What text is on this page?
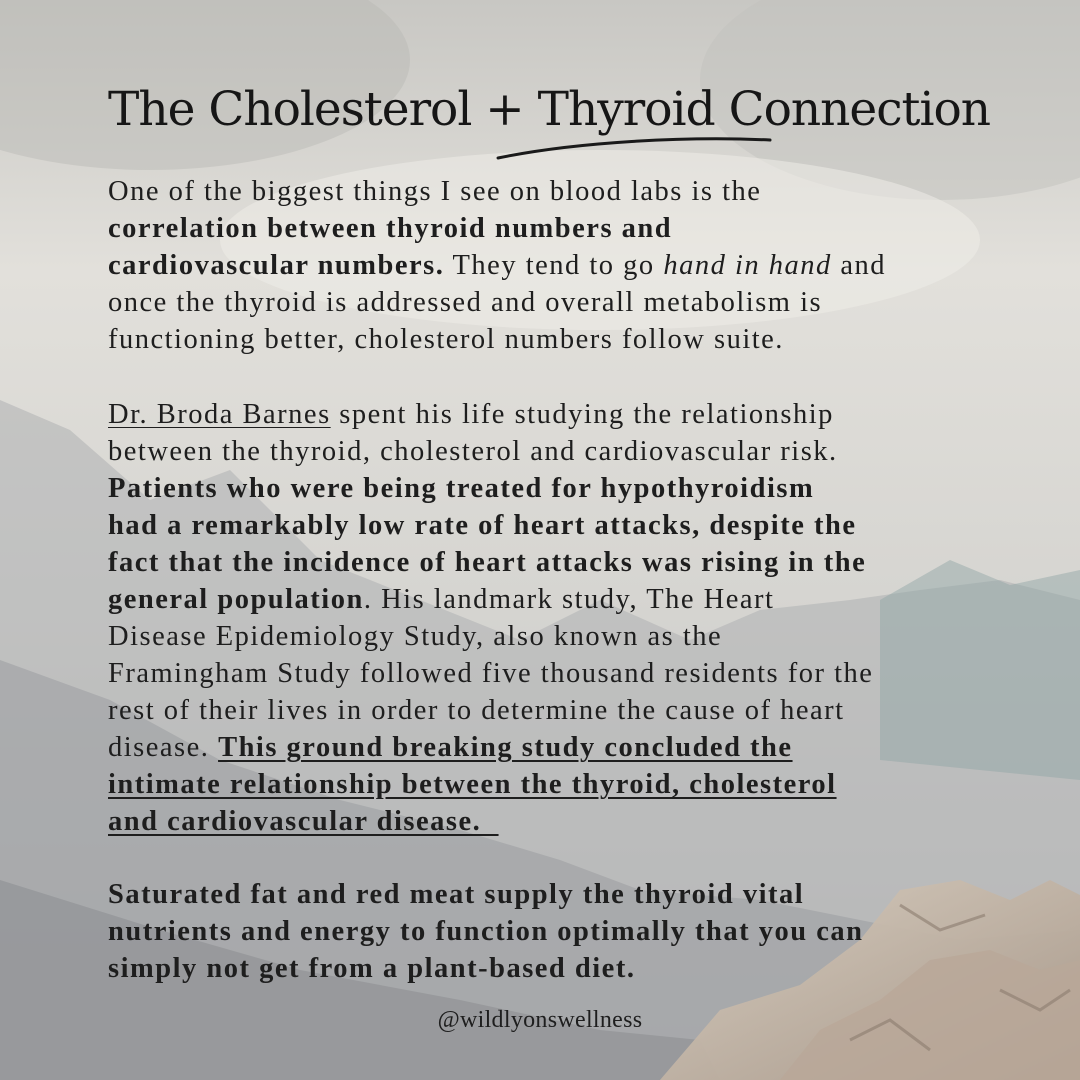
The Cholesterol + Thyroid Connection

One of the biggest things I see on blood labs is the
correlation between thyroid numbers and
cardiovascular numbers. They tend to go hand in hand and
once the thyroid is addressed and overall metabolism is
functioning better, cholesterol numbers follow suite.

Dr. Broda Barnes spent his life studying the relationship
between the thyroid, cholesterol and cardiovascular risk.
Patients who were being treated for hypothyroidism
had a remarkably low rate of heart attacks, despite the
fact that the incidence of heart attacks was rising in the
general population. His landmark study, The Heart
Disease Epidemiology Study, also known as the
Framingham Study followed five thousand residents for the
rest of their lives in order to determine the cause of heart
disease. This ground breaking study concluded the
intimate relationship between the thyroid, cholesterol
and cardiovascular disease.

Saturated fat and red meat supply the thyroid vital
nutrients and energy to function optimally that you can
simply not get from a plant-based diet.

@wildlyonswellness
